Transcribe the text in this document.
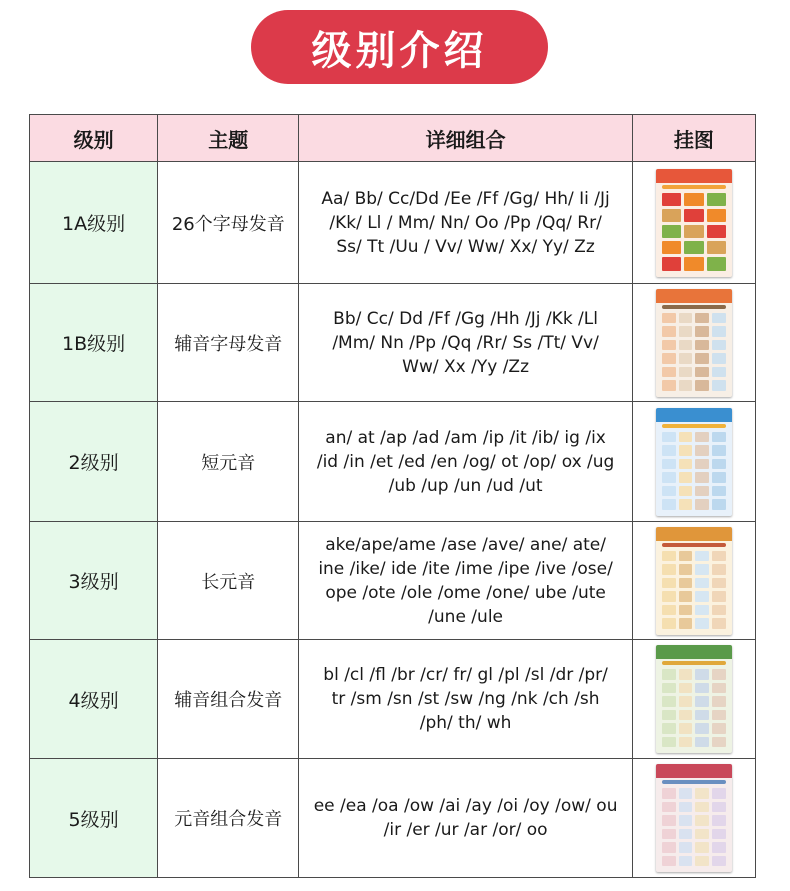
级别介绍
级别	主题	详细组合	挂图
1A级别	26个字母发音	Aa/ Bb/ Cc/Dd /Ee /Ff /Gg/ Hh/ Ii /Jj
/Kk/ Ll / Mm/ Nn/ Oo /Pp /Qq/ Rr/
Ss/ Tt /Uu / Vv/ Ww/ Xx/ Yy/ Zz	

1B级别	辅音字母发音	Bb/ Cc/ Dd /Ff /Gg /Hh /Jj /Kk /Ll
/Mm/ Nn /Pp /Qq /Rr/ Ss /Tt/ Vv/
Ww/ Xx /Yy /Zz	

2级别	短元音	an/ at /ap /ad /am /ip /it /ib/ ig /ix
/id /in /et /ed /en /og/ ot /op/ ox /ug
/ub /up /un /ud /ut	

3级别	长元音	ake/ape/ame /ase /ave/ ane/ ate/
ine /ike/ ide /ite /ime /ipe /ive /ose/
ope /ote /ole /ome /one/ ube /ute
/une /ule	

4级别	辅音组合发音	bl /cl /fl /br /cr/ fr/ gl /pl /sl /dr /pr/
tr /sm /sn /st /sw /ng /nk /ch /sh
/ph/ th/ wh	

5级别	元音组合发音	ee /ea /oa /ow /ai /ay /oi /oy /ow/ ou
/ir /er /ur /ar /or/ oo	
